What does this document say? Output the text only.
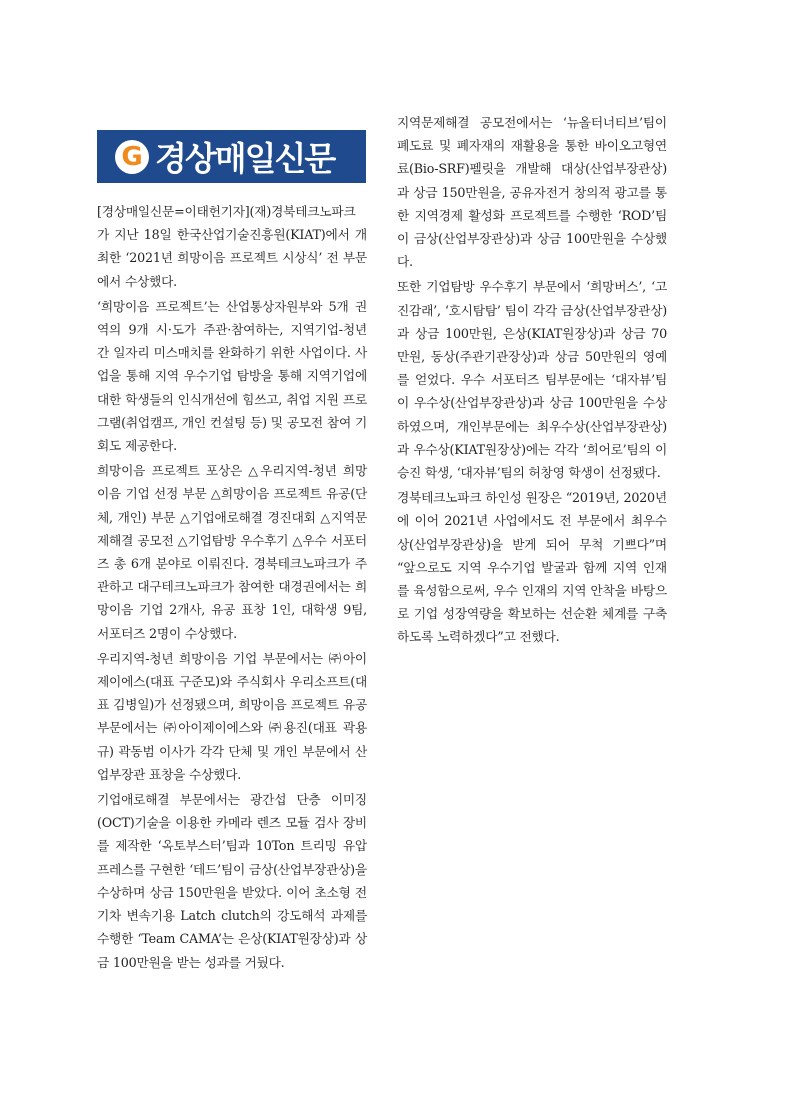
G 경상매일신문

[경상매일신문=이태헌기자](재)경북테크노파크가 지난 18일 한국산업기술진흥원(KIAT)에서 개최한 ‘2021년 희망이음 프로젝트 시상식’ 전 부문에서 수상했다.

‘희망이음 프로젝트’는 산업통상자원부와 5개 권역의 9개 시·도가 주관·참여하는, 지역기업-청년 간 일자리 미스매치를 완화하기 위한 사업이다. 사업을 통해 지역 우수기업 탐방을 통해 지역기업에 대한 학생들의 인식개선에 힘쓰고, 취업 지원 프로그램(취업캠프, 개인 컨설팅 등) 및 공모전 참여 기회도 제공한다.

희망이음 프로젝트 포상은 △우리지역-청년 희망이음 기업 선정 부문 △희망이음 프로젝트 유공(단체, 개인) 부문 △기업애로해결 경진대회 △지역문제해결 공모전 △기업탐방 우수후기 △우수 서포터즈 총 6개 분야로 이뤄진다. 경북테크노파크가 주관하고 대구테크노파크가 참여한 대경권에서는 희망이음 기업 2개사, 유공 표창 1인, 대학생 9팀, 서포터즈 2명이 수상했다.

우리지역-청년 희망이음 기업 부문에서는 ㈜아이제이에스(대표 구준모)와 주식회사 우리소프트(대표 김병일)가 선정됐으며, 희망이음 프로젝트 유공 부문에서는 ㈜아이제이에스와 ㈜용진(대표 곽용규) 곽동범 이사가 각각 단체 및 개인 부문에서 산업부장관 표창을 수상했다.

기업애로해결 부문에서는 광간섭 단층 이미징(OCT)기술을 이용한 카메라 렌즈 모듈 검사 장비를 제작한 ‘옥토부스터’팀과 10Ton 트리밍 유압프레스를 구현한 ‘테드’팀이 금상(산업부장관상)을 수상하며 상금 150만원을 받았다. 이어 초소형 전기차 변속기용 Latch clutch의 강도해석 과제를 수행한 ‘Team CAMA’는 은상(KIAT원장상)과 상금 100만원을 받는 성과를 거뒀다.

지역문제해결 공모전에서는 ‘뉴올터너티브’팀이 폐도료 및 폐자재의 재활용을 통한 바이오고형연료(Bio-SRF)펠릿을 개발해 대상(산업부장관상)과 상금 150만원을, 공유자전거 창의적 광고를 통한 지역경제 활성화 프로젝트를 수행한 ‘ROD’팀이 금상(산업부장관상)과 상금 100만원을 수상했다.

또한 기업탐방 우수후기 부문에서 ‘희망버스’, ‘고진감래’, ‘호시탐탐’ 팀이 각각 금상(산업부장관상)과 상금 100만원, 은상(KIAT원장상)과 상금 70만원, 동상(주관기관장상)과 상금 50만원의 영예를 얻었다. 우수 서포터즈 팀부문에는 ‘대자뷰’팀이 우수상(산업부장관상)과 상금 100만원을 수상하였으며, 개인부문에는 최우수상(산업부장관상)과 우수상(KIAT원장상)에는 각각 ‘희어로’팀의 이승진 학생, ‘대자뷰’팀의 허창영 학생이 선정됐다.

경북테크노파크 하인성 원장은 “2019년, 2020년에 이어 2021년 사업에서도 전 부문에서 최우수상(산업부장관상)을 받게 되어 무척 기쁘다”며 “앞으로도 지역 우수기업 발굴과 함께 지역 인재를 육성함으로써, 우수 인재의 지역 안착을 바탕으로 기업 성장역량을 확보하는 선순환 체계를 구축하도록 노력하겠다”고 전했다.
